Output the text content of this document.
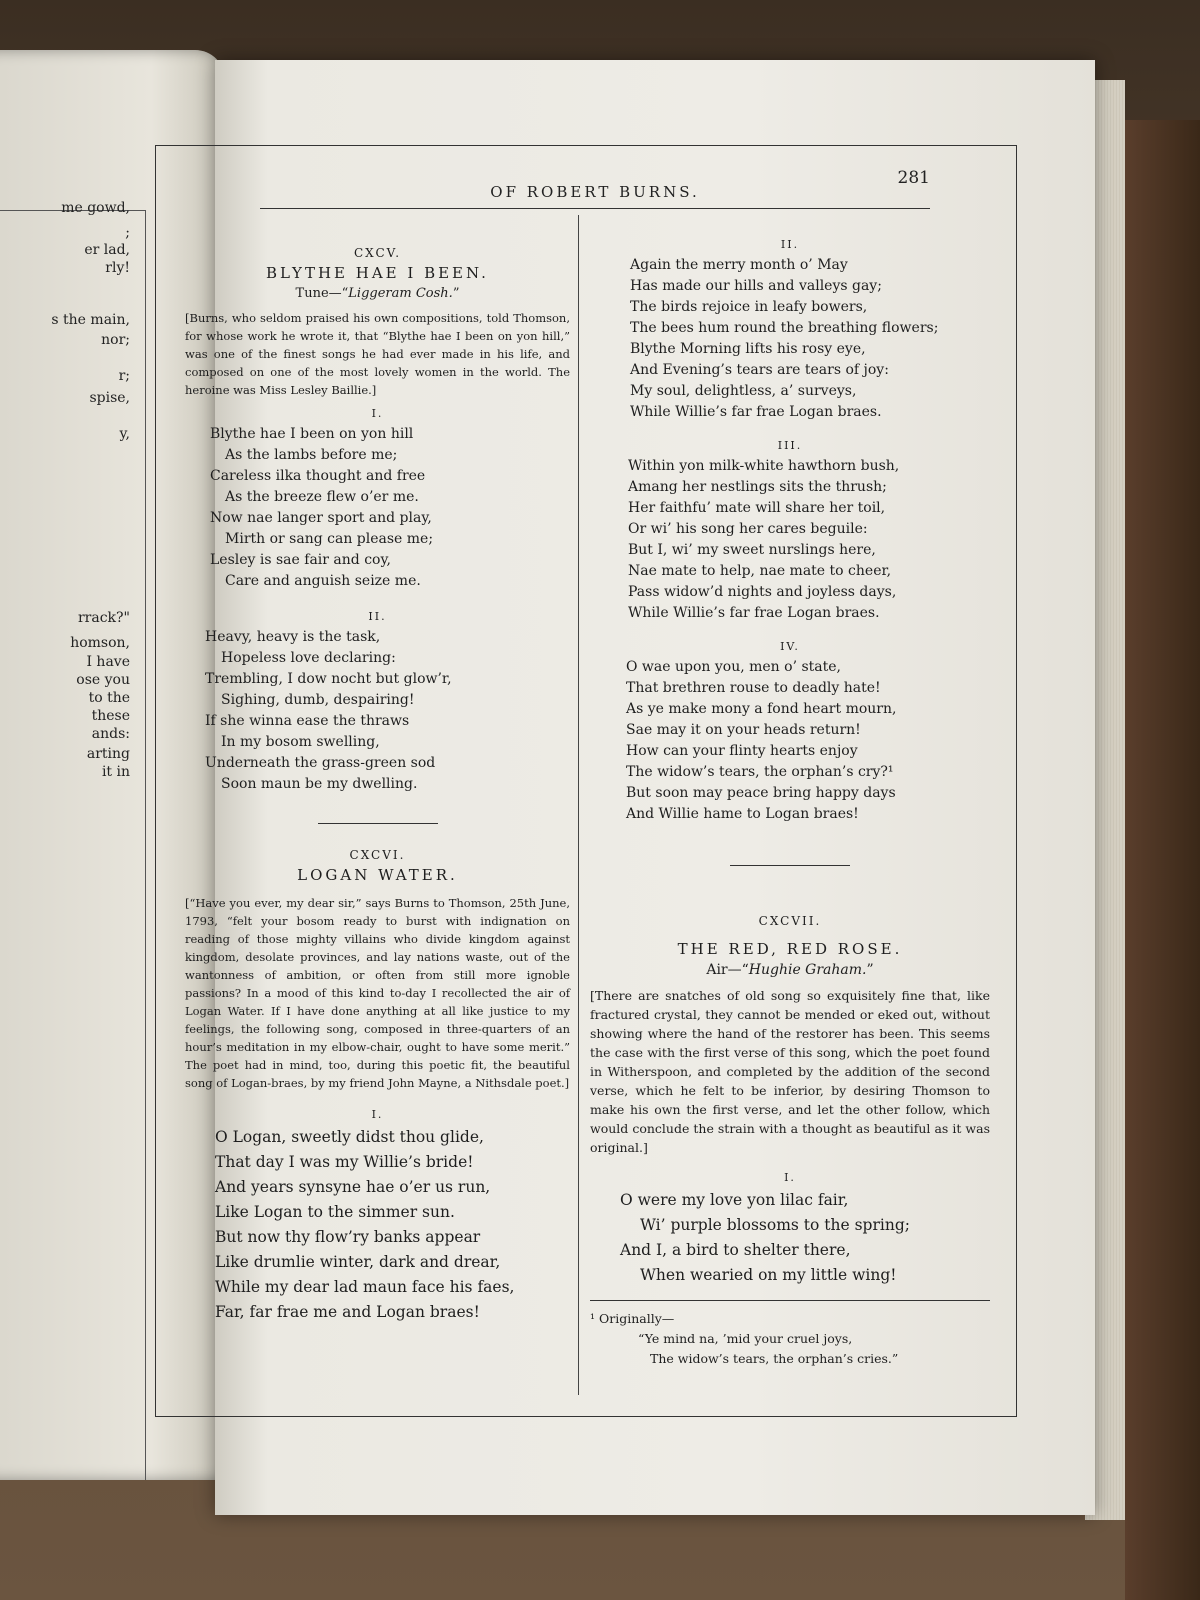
me gowd,
;
er lad,
rly!
s the main,
nor;
r;
spise,
y,
rrack?"
homson,
I have
ose you
to the
these
ands:
arting
it in
OF ROBERT BURNS.
281
CXCV.
BLYTHE HAE I BEEN.
Tune—“Liggeram Cosh.”
[Burns, who seldom praised his own compositions, told Thomson, for whose work he wrote it, that “Blythe hae I been on yon hill,” was one of the finest songs he had ever made in his life, and composed on one of the most lovely women in the world. The heroine was Miss Lesley Baillie.]
I.
Blythe hae I been on yon hill
As the lambs before me;
Careless ilka thought and free
As the breeze flew o’er me.
Now nae langer sport and play,
Mirth or sang can please me;
Lesley is sae fair and coy,
Care and anguish seize me.
II.
Heavy, heavy is the task,
Hopeless love declaring:
Trembling, I dow nocht but glow’r,
Sighing, dumb, despairing!
If she winna ease the thraws
In my bosom swelling,
Underneath the grass-green sod
Soon maun be my dwelling.
CXCVI.
LOGAN WATER.
[“Have you ever, my dear sir,” says Burns to Thomson, 25th June, 1793, “felt your bosom ready to burst with indignation on reading of those mighty villains who divide kingdom against kingdom, desolate provinces, and lay nations waste, out of the wantonness of ambition, or often from still more ignoble passions? In a mood of this kind to-day I recollected the air of Logan Water. If I have done anything at all like justice to my feelings, the following song, composed in three-quarters of an hour’s meditation in my elbow-chair, ought to have some merit.” The poet had in mind, too, during this poetic fit, the beautiful song of Logan-braes, by my friend John Mayne, a Nithsdale poet.]
I.
O Logan, sweetly didst thou glide,
That day I was my Willie’s bride!
And years synsyne hae o’er us run,
Like Logan to the simmer sun.
But now thy flow’ry banks appear
Like drumlie winter, dark and drear,
While my dear lad maun face his faes,
Far, far frae me and Logan braes!
II.
Again the merry month o’ May
Has made our hills and valleys gay;
The birds rejoice in leafy bowers,
The bees hum round the breathing flowers;
Blythe Morning lifts his rosy eye,
And Evening’s tears are tears of joy:
My soul, delightless, a’ surveys,
While Willie’s far frae Logan braes.
III.
Within yon milk-white hawthorn bush,
Amang her nestlings sits the thrush;
Her faithfu’ mate will share her toil,
Or wi’ his song her cares beguile:
But I, wi’ my sweet nurslings here,
Nae mate to help, nae mate to cheer,
Pass widow’d nights and joyless days,
While Willie’s far frae Logan braes.
IV.
O wae upon you, men o’ state,
That brethren rouse to deadly hate!
As ye make mony a fond heart mourn,
Sae may it on your heads return!
How can your flinty hearts enjoy
The widow’s tears, the orphan’s cry?¹
But soon may peace bring happy days
And Willie hame to Logan braes!
CXCVII.
THE RED, RED ROSE.
Air—“Hughie Graham.”
[There are snatches of old song so exquisitely fine that, like fractured crystal, they cannot be mended or eked out, without showing where the hand of the restorer has been. This seems the case with the first verse of this song, which the poet found in Witherspoon, and completed by the addition of the second verse, which he felt to be inferior, by desiring Thomson to make his own the first verse, and let the other follow, which would conclude the strain with a thought as beautiful as it was original.]
I.
O were my love yon lilac fair,
Wi’ purple blossoms to the spring;
And I, a bird to shelter there,
When wearied on my little wing!
¹ Originally—
“Ye mind na, ’mid your cruel joys,
The widow’s tears, the orphan’s cries.”
